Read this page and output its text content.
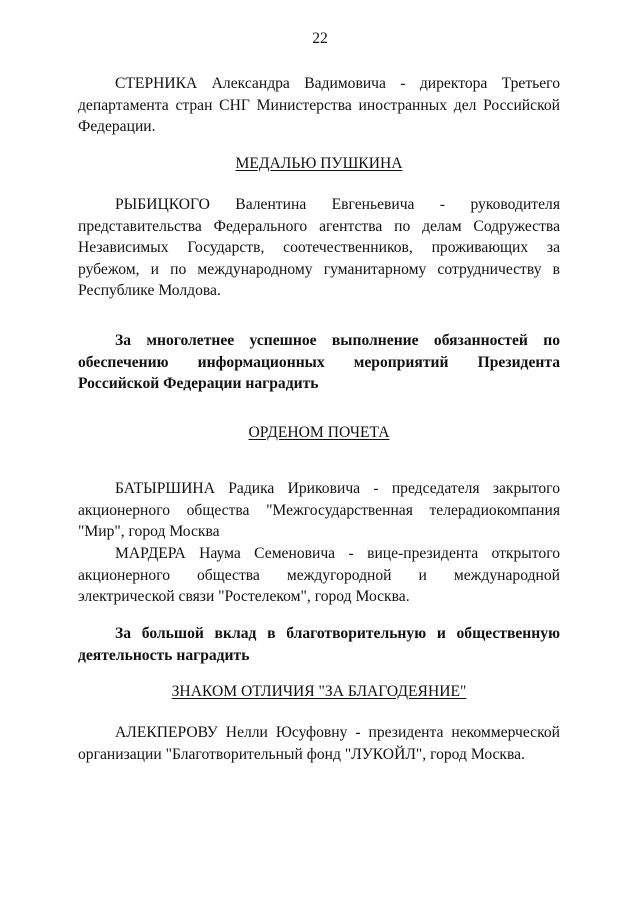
22

СТЕРНИКА Александра Вадимовича - директора Третьего департамента стран СНГ Министерства иностранных дел Российской Федерации.

МЕДАЛЬЮ ПУШКИНА

РЫБИЦКОГО Валентина Евгеньевича - руководителя представительства Федерального агентства по делам Содружества Независимых Государств, соотечественников, проживающих за рубежом, и по международному гуманитарному сотрудничеству в Республике Молдова.

За многолетнее успешное выполнение обязанностей по обеспечению информационных мероприятий Президента Российской Федерации наградить

ОРДЕНОМ ПОЧЕТА

БАТЫРШИНА Радика Ириковича - председателя закрытого акционерного общества "Межгосударственная телерадиокомпания "Мир", город Москва

МАРДЕРА Наума Семеновича - вице-президента открытого акционерного общества междугородной и международной электрической связи "Ростелеком", город Москва.

За большой вклад в благотворительную и общественную деятельность наградить

ЗНАКОМ ОТЛИЧИЯ "ЗА БЛАГОДЕЯНИЕ"

АЛЕКПЕРОВУ Нелли Юсуфовну - президента некоммерческой организации "Благотворительный фонд "ЛУКОЙЛ", город Москва.
